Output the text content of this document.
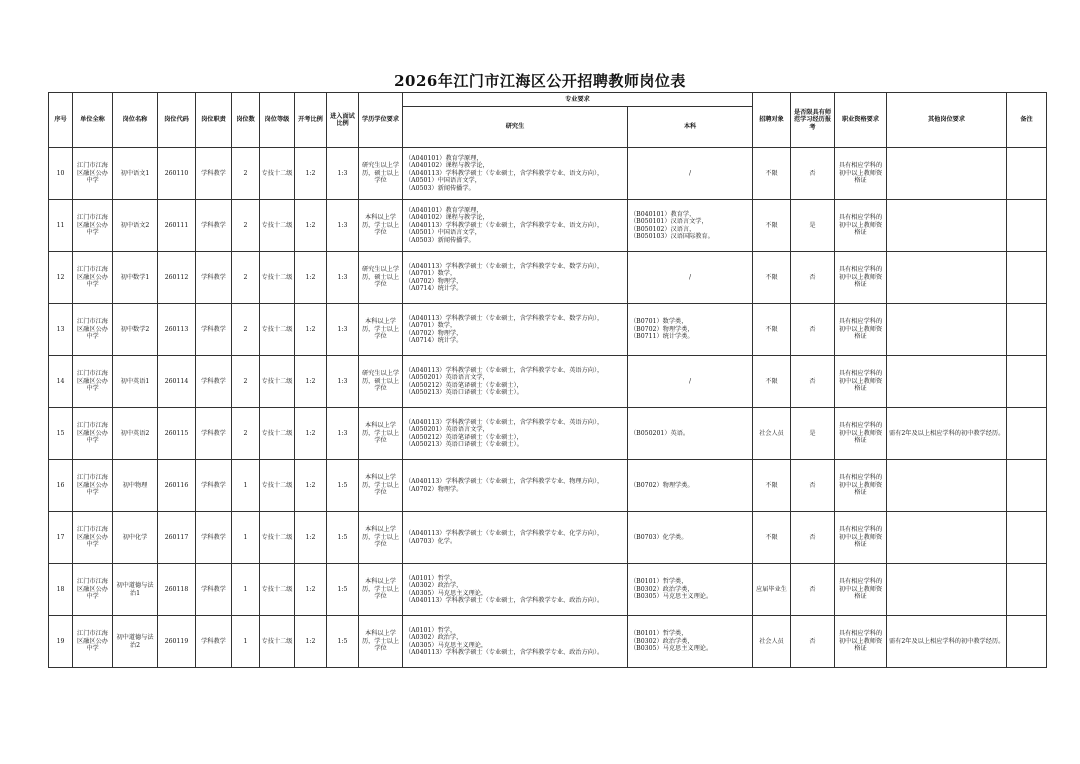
2026年江门市江海区公开招聘教师岗位表
序号	单位全称	岗位名称	岗位代码	岗位职责	岗位数	岗位等级	开考比例	进入面试比例	学历学位要求	专业要求		招聘对象	是否限具有师范学习经历报考	职业资格要求	其他岗位要求	备注
										研究生	本科					
10	江门市江海区融区公办中学	初中语文1	260110	学科教学	2	专技十二级	1:2	1:3	研究生以上学历，硕士以上学位	（A040101）教育学原理，
（A040102）课程与教学论，
（A040113）学科教学硕士（专业硕士，含学科教学专业、语文方向），
（A0501）中国语言文学，
（A0503）新闻传播学。	/	不限	否	具有相应学科的初中以上教师资格证		
11	江门市江海区融区公办中学	初中语文2	260111	学科教学	2	专技十二级	1:2	1:3	本科以上学历，学士以上学位	（A040101）教育学原理，
（A040102）课程与教学论，
（A040113）学科教学硕士（专业硕士，含学科教学专业、语文方向），
（A0501）中国语言文学，
（A0503）新闻传播学。	（B040101）教育学，
（B050101）汉语言文学，
（B050102）汉语言，
（B050103）汉语国际教育。	不限	是	具有相应学科的初中以上教师资格证		
12	江门市江海区融区公办中学	初中数学1	260112	学科教学	2	专技十二级	1:2	1:3	研究生以上学历，硕士以上学位	（A040113）学科教学硕士（专业硕士，含学科教学专业、数学方向），
（A0701）数学，
（A0702）物理学，
（A0714）统计学。	/	不限	否	具有相应学科的初中以上教师资格证		
13	江门市江海区融区公办中学	初中数学2	260113	学科教学	2	专技十二级	1:2	1:3	本科以上学历，学士以上学位	（A040113）学科教学硕士（专业硕士，含学科教学专业、数学方向），
（A0701）数学，
（A0702）物理学，
（A0714）统计学。	（B0701）数学类，
（B0702）物理学类，
（B0711）统计学类。	不限	否	具有相应学科的初中以上教师资格证		
14	江门市江海区融区公办中学	初中英语1	260114	学科教学	2	专技十二级	1:2	1:3	研究生以上学历，硕士以上学位	（A040113）学科教学硕士（专业硕士，含学科教学专业、英语方向），
（A050201）英语语言文学，
（A050212）英语笔译硕士（专业硕士），
（A050213）英语口译硕士（专业硕士）。	/	不限	否	具有相应学科的初中以上教师资格证		
15	江门市江海区融区公办中学	初中英语2	260115	学科教学	2	专技十二级	1:2	1:3	本科以上学历，学士以上学位	（A040113）学科教学硕士（专业硕士，含学科教学专业、英语方向），
（A050201）英语语言文学，
（A050212）英语笔译硕士（专业硕士），
（A050213）英语口译硕士（专业硕士）。	（B050201）英语。	社会人员	是	具有相应学科的初中以上教师资格证	需有2年及以上相应学科的初中教学经历。	
16	江门市江海区融区公办中学	初中物理	260116	学科教学	1	专技十二级	1:2	1:5	本科以上学历，学士以上学位	（A040113）学科教学硕士（专业硕士，含学科教学专业、物理方向），
（A0702）物理学。	（B0702）物理学类。	不限	否	具有相应学科的初中以上教师资格证		
17	江门市江海区融区公办中学	初中化学	260117	学科教学	1	专技十二级	1:2	1:5	本科以上学历，学士以上学位	（A040113）学科教学硕士（专业硕士，含学科教学专业、化学方向），
（A0703）化学。	（B0703）化学类。	不限	否	具有相应学科的初中以上教师资格证		
18	江门市江海区融区公办中学	初中道德与法治1	260118	学科教学	1	专技十二级	1:2	1:5	本科以上学历，学士以上学位	（A0101）哲学，
（A0302）政治学，
（A0305）马克思主义理论，
（A040113）学科教学硕士（专业硕士，含学科教学专业、政治方向）。	（B0101）哲学类，
（B0302）政治学类，
（B0305）马克思主义理论。	应届毕业生	否	具有相应学科的初中以上教师资格证		
19	江门市江海区融区公办中学	初中道德与法治2	260119	学科教学	1	专技十二级	1:2	1:5	本科以上学历，学士以上学位	（A0101）哲学，
（A0302）政治学，
（A0305）马克思主义理论，
（A040113）学科教学硕士（专业硕士，含学科教学专业、政治方向）。	（B0101）哲学类，
（B0302）政治学类，
（B0305）马克思主义理论。	社会人员	否	具有相应学科的初中以上教师资格证	需有2年及以上相应学科的初中教学经历。	
